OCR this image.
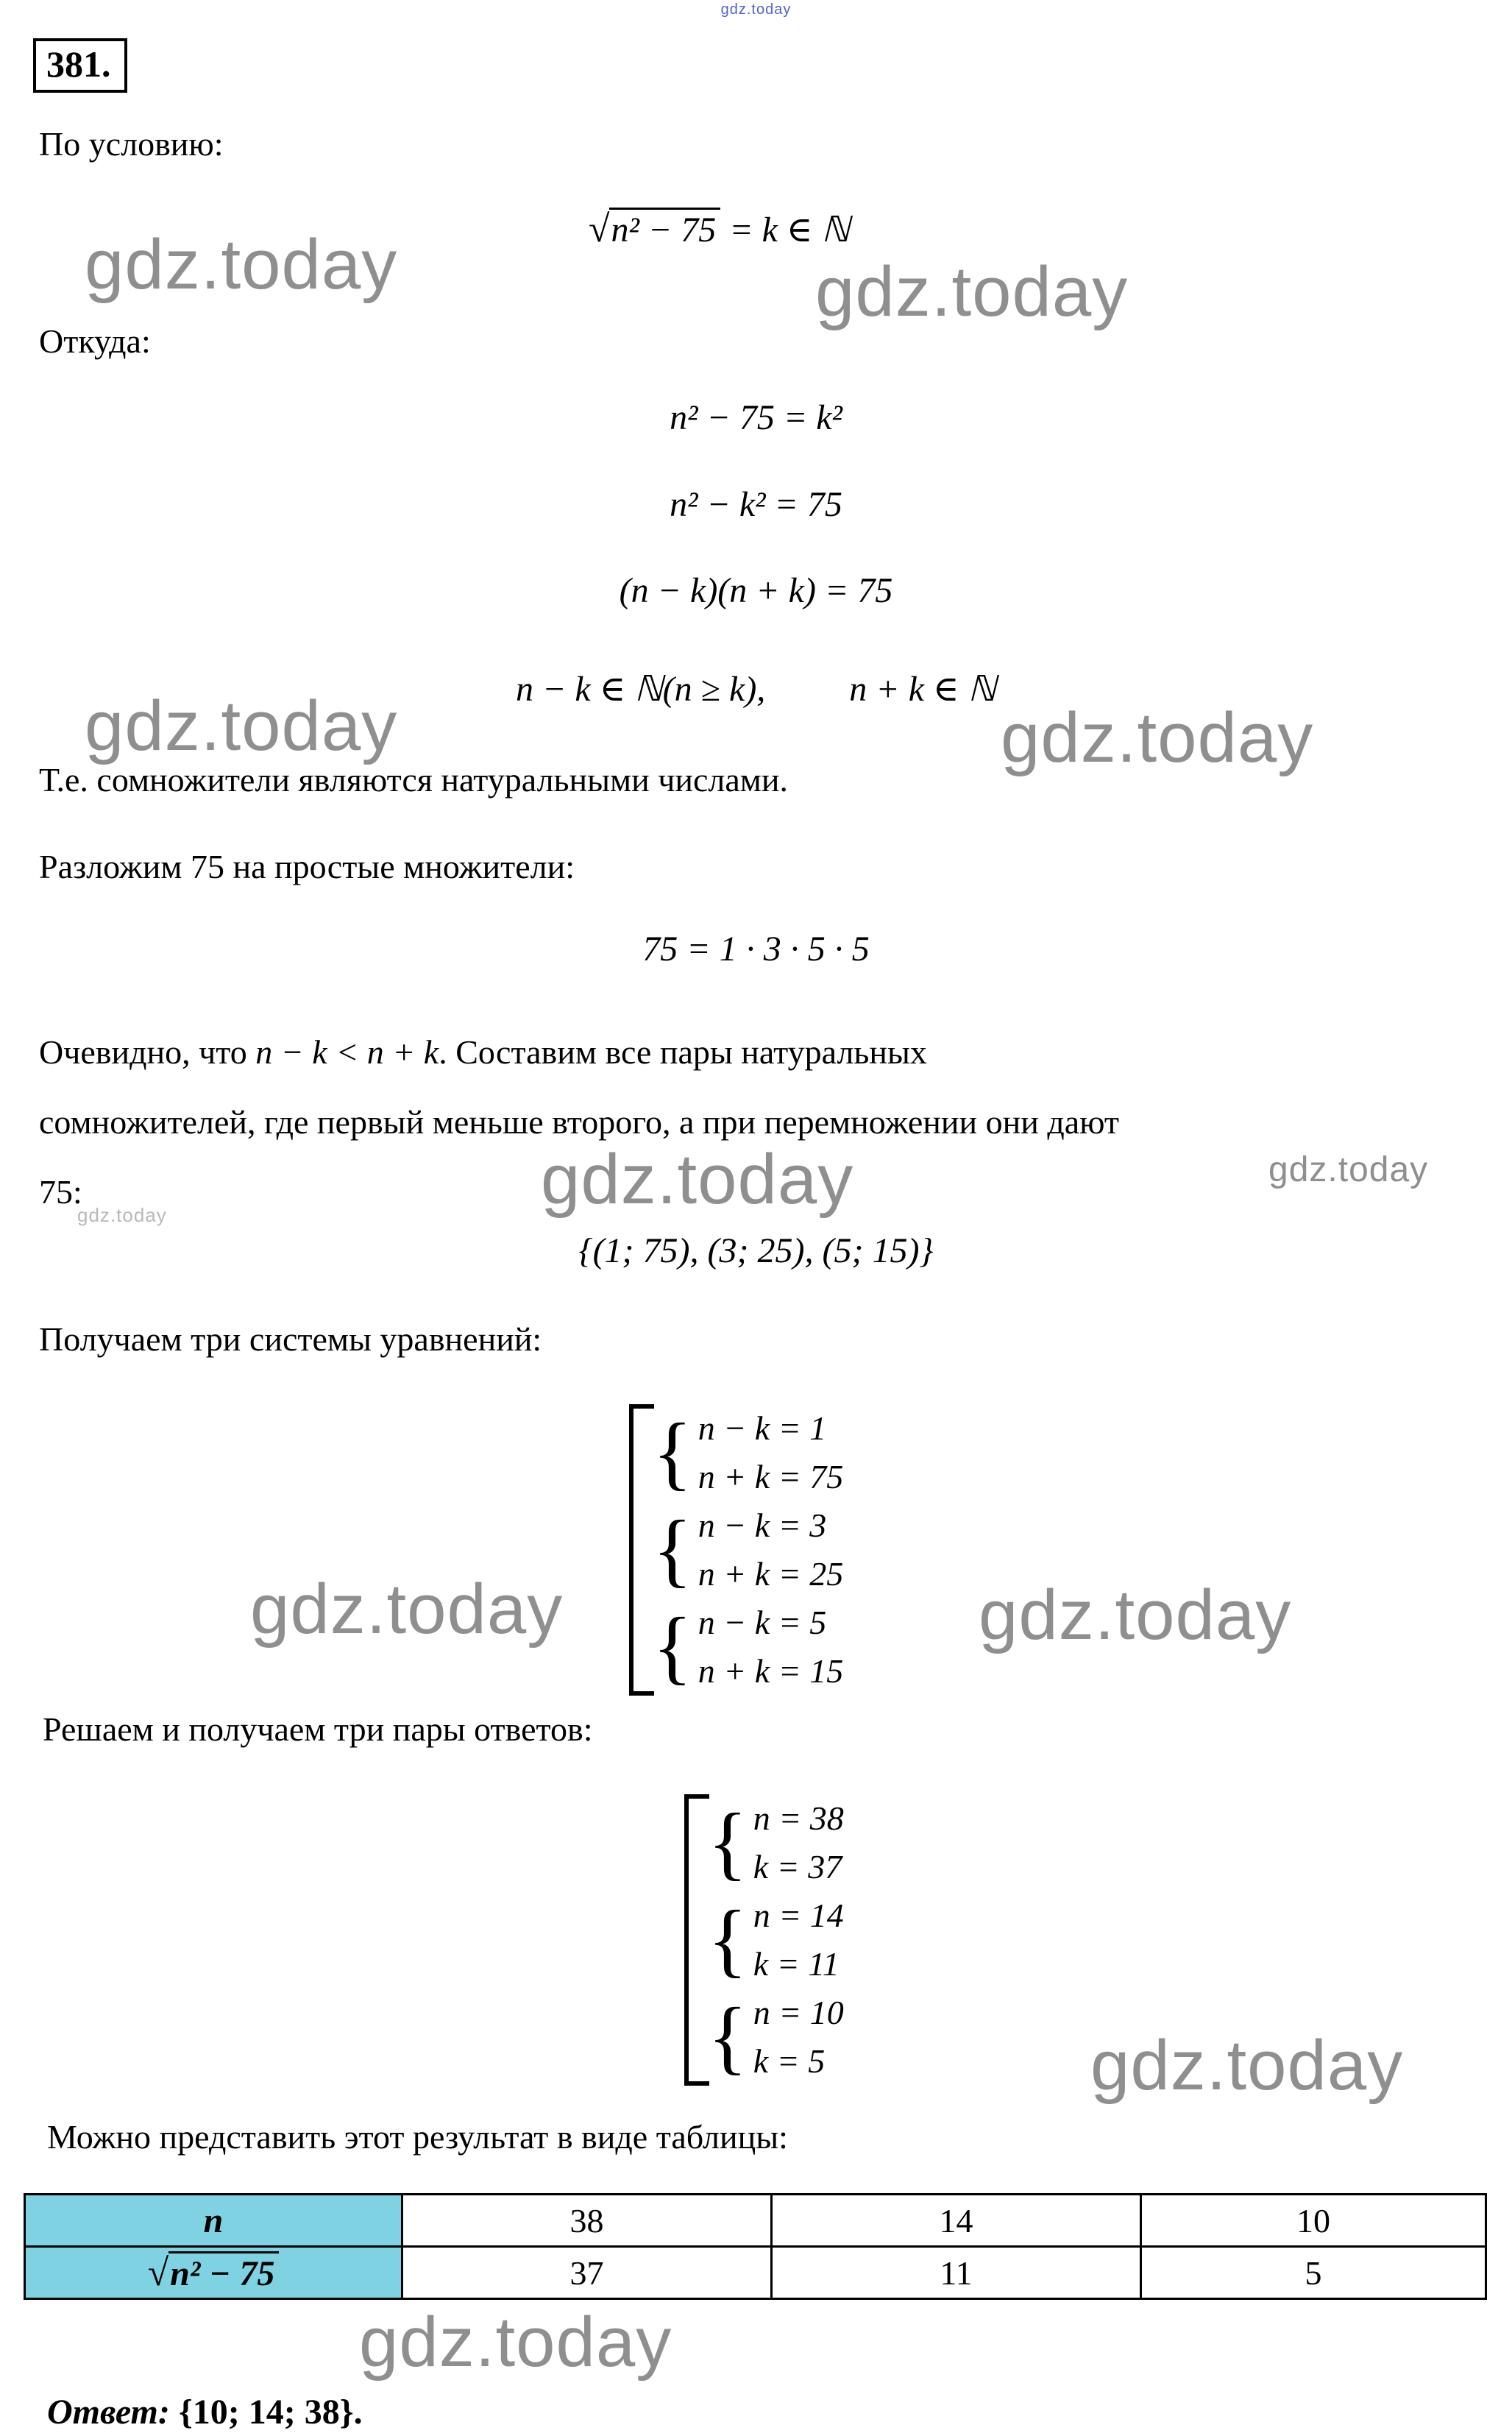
gdz.today
gdz.today	gdz.today
gdz.today	gdz.today
gdz.today	gdz.today
gdz.today
gdz.today	gdz.today
gdz.today
gdz.today
381.
По условию:
√n² − 75 = k ∈ ℕ
Откуда:
n² − 75 = k²
n² − k² = 75
(n − k)(n + k) = 75
n − k ∈ ℕ(n ≥ k), n + k ∈ ℕ
Т.е. сомножители являются натуральными числами.
Разложим 75 на простые множители:
75 = 1 · 3 · 5 · 5
Очевидно, что n − k < n + k. Составим все пары натуральных
сомножителей, где первый меньше второго, а при перемножении они дают
75:
{(1; 75), (3; 25), (5; 15)}
Получаем три системы уравнений:
{ n − k = 1
n + k = 75
{ n − k = 3
n + k = 25
{ n − k = 5
n + k = 15
Решаем и получаем три пары ответов:
{ n = 38
k = 37
{ n = 14
k = 11
{ n = 10
k = 5
Можно представить этот результат в виде таблицы:
n	38	14	10
√n² − 75	37	11	5
Ответ: {10; 14; 38}.
